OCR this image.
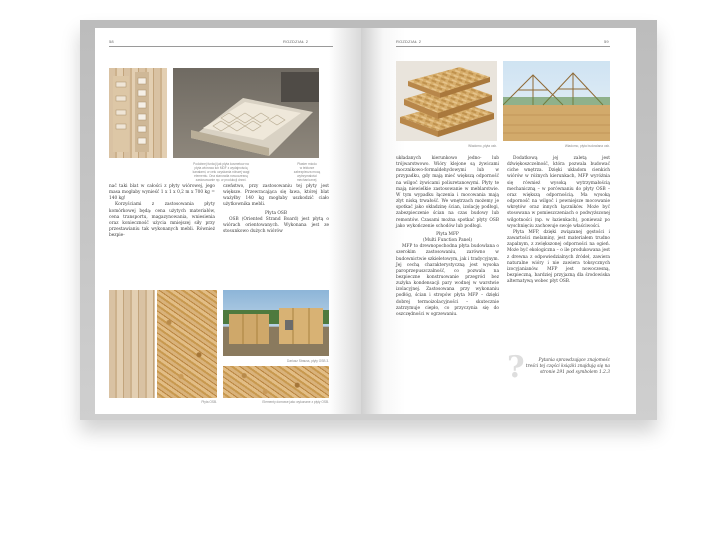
58	ROZDZIAŁ 2
Podobnej funkcji jak płyta kosmetow na
płyta wiórowa lub MDF z wydajnością
kanałami, w celu uzyskania niższej wagi
elementu. Ona stanowiła nowoczesną
zastosowanie np. w produkcji drzwi.
Płaster miodu
w tekturze
zabezpiecza mocą
wytrzymałości
mechanicznej.

nać taki blat w całości z płyty wiórowej, jego masa mogłaby wynieść 1 x 1 x 0,2 m x 700 kg = 140 kg!

Korzyściami z zastosowania płyty komórkowej będą: cena użytych materiałów, cena transportu, magazynowania, wniesienia oraz konieczność użycia mniejszej siły przy przestawianiu tak wykonanych mebli. Również bezpie-

czeństwo, przy zastosowaniu tej płyty jest większe. Przewracająca się ława, której blat ważyłby 140 kg mogłaby uszkodzić ciało użytkownika mebli.

Płyta OSB

OSB (Oriented Strand Board) jest płytą o wiórach orientowanych. Wykonana jest ze stosunkowo dużych wiórów

Dariusz Strauss, płyty OSB 3.
Płyta OSB.	Elementy domowe jako wykonane z płyty OSB.
ROZDZIAŁ 2	59
Wiadomo, płyta osb.	Wiadomo, płyta budowlana osb.

układanych kierunkowo jedno- lub trójwarstwowo. Wióry klejone są żywicami mocznikowo-formaldehydowymi lub w przypadku, gdy mają mieć większą odporność na wilgoć żywicami poliuretanowymi. Płyty te mają niewielkie zastosowanie w meblarstwie. W tym wypadku łączenia i mocowania mają złyt niską trwałość. We wnętrzach możemy je spotkać jako okładzinę ścian, izolację podłogi, zabezpieczenie ścian na czas budowy lub remontów. Czasami można spotkać płyty OSB jako wykończenie schodów lub podłogi.

Płyta MFP

(Multi Function Panel)

MFP to drewnopochodna płyta budowlana o szerokim zastosowaniu, zarówno w budownictwie szkieletowym, jak i tradycyjnym. Jej cechą charakterystyczną jest wysoka paroprzepuszczalność, co pozwala na bezpieczne konstruowanie przegród bez zużyka kondensacji pary wodnej w warstwie izolacyjnej. Zastosowana przy wykonaniu podłóg, ścian i stropów płyta MFP – dzięki dobrej termoizolacyjności – skutecznie zatrzymuje ciepło, co przyczynia się do oszczędności w ogrzewaniu.

Dodatkową jej zaletą jest dźwiękoszczelność, która pozwala budować ciche wnętrza. Dzięki układom cienkich wiórów w różnych kierunkach, MFP wyróżnia się również wysoką wytrzymałością mechaniczną – w porównaniu do płyty OSB – oraz większą odpornością. Ma wysoką odporność na wilgoć i pewniejsze mocowanie wkrętów oraz innych łączników. Może być stosowana w pomieszczeniach o podwyższonej wilgotności (np. w łazienkach), ponieważ po wyschnięciu zachowuje swoje właściwości.

Płyta MFP, dzięki związanej gęstości i zawartości melaminy, jest materiałem trudno zapalnym, z zwiększonej odporności na ogień. Może być ekologiczna – o ile produkowana jest z drewna z odpowiedzialnych źródeł, zawiera naturalne wióry i nie zawiera toksycznych izocyjanianów. MFP jest nowoczesną, bezpieczną, bardziej przyjazną dla środowiska alternatywą wobec płyt OSB.

?	Pytania sprawdzające znajomośc
treści tej części książki znajdują się na
stronie 291 pod symbolem 1.2.3
